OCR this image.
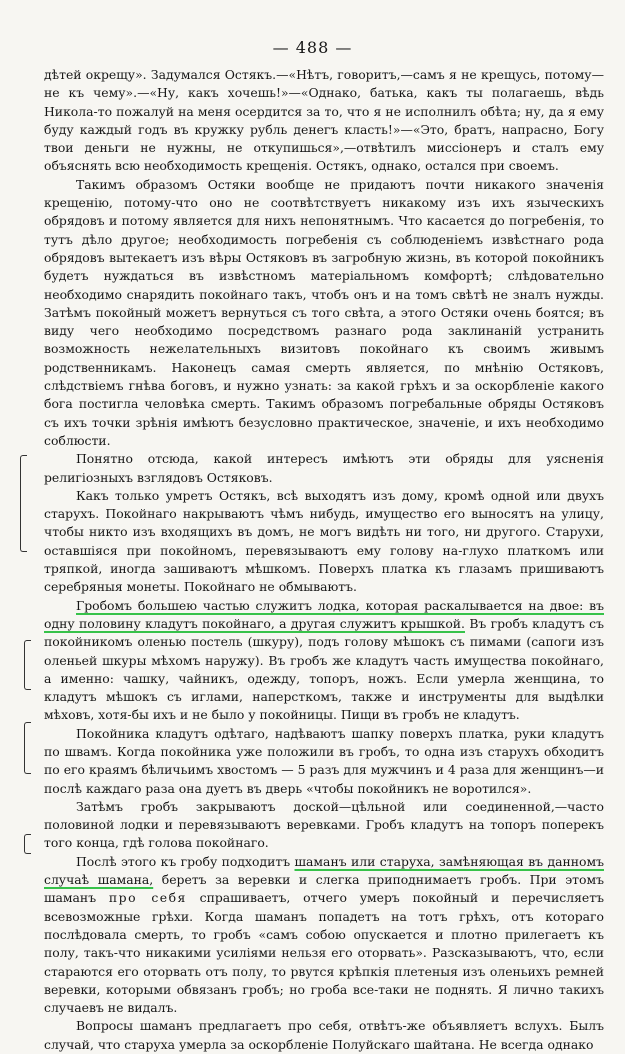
— 488 —

дѣтей окрещу». Задумался Остякъ.—«Нѣтъ, говоритъ,—самъ я не крещусь, потому—не къ чему».—«Ну, какъ хочешь!»—«Однако, батька, какъ ты полагаешь, вѣдь Никола-то пожалуй на меня осердится за то, что я не исполнилъ обѣта; ну, да я ему буду каждый годъ въ кружку рубль денегъ класть!»—«Это, братъ, напрасно, Богу твои деньги не нужны, не откупишься»,—отвѣтилъ миссіонеръ и сталъ ему объяснять всю необходимость крещенія. Остякъ, однако, остался при своемъ.

Такимъ образомъ Остяки вообще не придаютъ почти никакого значенія крещенію, потому-что оно не соотвѣтствуетъ никакому изъ ихъ языческихъ обрядовъ и потому является для нихъ непонятнымъ. Что касается до погребенія, то тутъ дѣло другое; необходимость погребенія съ соблюденіемъ извѣстнаго рода обрядовъ вытекаетъ изъ вѣры Остяковъ въ загробную жизнь, въ которой покойникъ будетъ нуждаться въ извѣстномъ матеріальномъ комфортѣ; слѣдовательно необходимо снарядить покойнаго такъ, чтобъ онъ и на томъ свѣтѣ не зналъ нужды. Затѣмъ покойный можетъ вернуться съ того свѣта, а этого Остяки очень боятся; въ виду чего необходимо посредствомъ разнаго рода заклинаній устранить возможность нежелательныхъ визитовъ покойнаго къ своимъ живымъ родственникамъ. Наконецъ самая смерть является, по мнѣнію Остяковъ, слѣдствіемъ гнѣва боговъ, и нужно узнать: за какой грѣхъ и за оскорбленіе какого бога постигла человѣка смерть. Такимъ образомъ погребальные обряды Остяковъ съ ихъ точки зрѣнія имѣютъ безусловно практическое, значеніе, и ихъ необходимо соблюсти.

Понятно отсюда, какой интересъ имѣютъ эти обряды для уясненія религіозныхъ взглядовъ Остяковъ.

Какъ только умретъ Остякъ, всѣ выходятъ изъ дому, кромѣ одной или двухъ старухъ. Покойнаго накрываютъ чѣмъ нибудь, имущество его выносятъ на улицу, чтобы никто изъ входящихъ въ домъ, не могъ видѣть ни того, ни другого. Старухи, оставшіяся при покойномъ, перевязываютъ ему голову на-глухо платкомъ или тряпкой, иногда зашиваютъ мѣшкомъ. Поверхъ платка къ глазамъ пришиваютъ серебряныя монеты. Покойнаго не обмываютъ.

Гробомъ большею частью служитъ лодка, которая раскалывается на двое: въ одну половину кладутъ покойнаго, а другая служитъ крышкой. Въ гробъ кладутъ съ покойникомъ оленью постель (шкуру), подъ голову мѣшокъ съ пимами (сапоги изъ оленьей шкуры мѣхомъ наружу). Въ гробъ же кладутъ часть имущества покойнаго, а именно: чашку, чайникъ, одежду, топоръ, ножъ. Если умерла женщина, то кладутъ мѣшокъ съ иглами, наперсткомъ, также и инструменты для выдѣлки мѣховъ, хотя-бы ихъ и не было у покойницы. Пищи въ гробъ не кладутъ.

Покойника кладутъ одѣтаго, надѣваютъ шапку поверхъ платка, руки кладутъ по швамъ. Когда покойника уже положили въ гробъ, то одна изъ старухъ обходитъ по его краямъ бѣличьимъ хвостомъ — 5 разъ для мужчинъ и 4 раза для женщинъ—и послѣ каждаго раза она дуетъ въ дверь «чтобы покойникъ не воротился».

Затѣмъ гробъ закрываютъ доской—цѣльной или соединенной,—часто половиной лодки и перевязываютъ веревками. Гробъ кладутъ на топоръ поперекъ того конца, гдѣ голова покойнаго.

Послѣ этого къ гробу подходитъ шаманъ или старуха, замѣняющая въ данномъ случаѣ шамана, беретъ за веревки и слегка приподнимаетъ гробъ. При этомъ шаманъ про себя спрашиваетъ, отчего умеръ покойный и перечисляетъ всевозможные грѣхи. Когда шаманъ попадетъ на тотъ грѣхъ, отъ котораго послѣдовала смерть, то гробъ «самъ собою опускается и плотно прилегаетъ къ полу, такъ-что никакими усиліями нельзя его оторвать». Разсказываютъ, что, если стараются его оторвать отъ полу, то рвутся крѣпкія плетеныя изъ оленьихъ ремней веревки, которыми обвязанъ гробъ; но гроба все-таки не поднять. Я лично такихъ случаевъ не видалъ.

Вопросы шаманъ предлагаетъ про себя, отвѣтъ-же объявляетъ вслухъ. Былъ случай, что старуха умерла за оскорбленіе Полуйскаго шайтана. Не всегда однако
